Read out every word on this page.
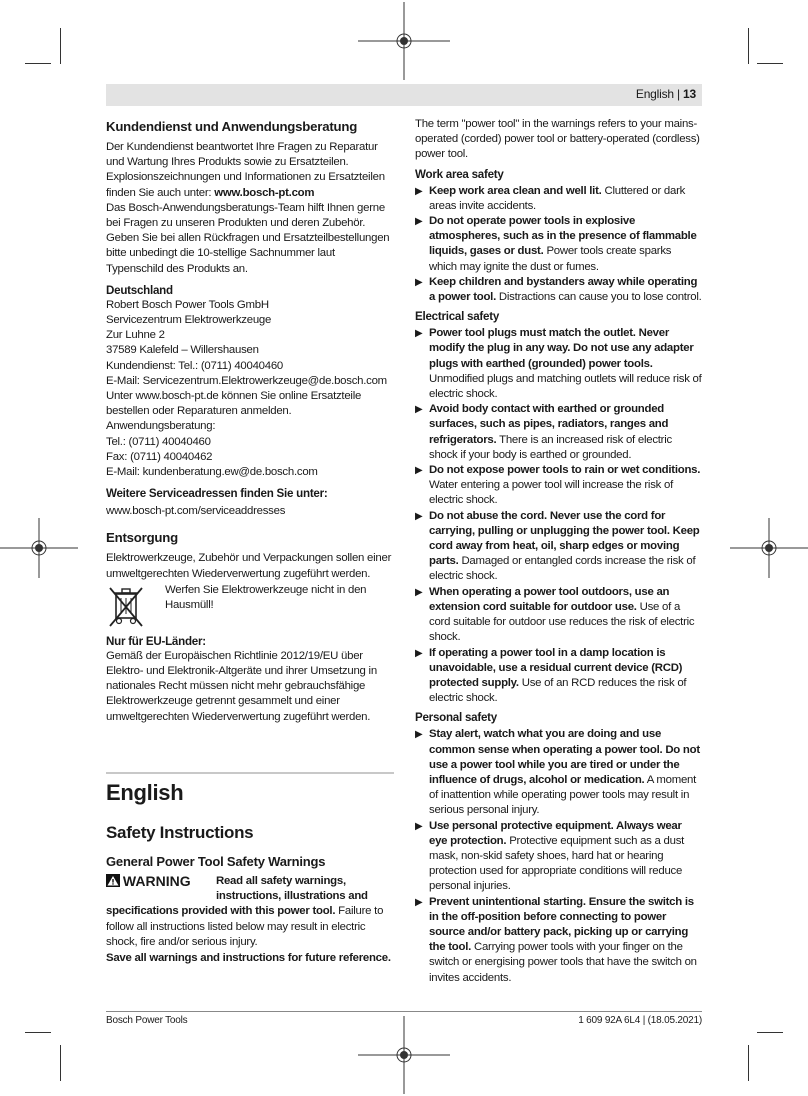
English | 13

Kundendienst und Anwendungsberatung

Der Kundendienst beantwortet Ihre Fragen zu Reparatur und Wartung Ihres Produkts sowie zu Ersatzteilen. Explosionszeichnungen und Informationen zu Ersatzteilen finden Sie auch unter: www.bosch-pt.com

Das Bosch-Anwendungsberatungs-Team hilft Ihnen gerne bei Fragen zu unseren Produkten und deren Zubehör.

Geben Sie bei allen Rückfragen und Ersatzteilbestellungen bitte unbedingt die 10-stellige Sachnummer laut Typenschild des Produkts an.

Deutschland

Robert Bosch Power Tools GmbH

Servicezentrum Elektrowerkzeuge

Zur Luhne 2

37589 Kalefeld – Willershausen

Kundendienst: Tel.: (0711) 40040460

E-Mail: Servicezentrum.Elektrowerkzeuge@de.bosch.com

Unter www.bosch-pt.de können Sie online Ersatzteile bestellen oder Reparaturen anmelden.

Anwendungsberatung:

Tel.: (0711) 40040460

Fax: (0711) 40040462

E-Mail: kundenberatung.ew@de.bosch.com

Weitere Serviceadressen finden Sie unter:

www.bosch-pt.com/serviceaddresses

Entsorgung

Elektrowerkzeuge, Zubehör und Verpackungen sollen einer umweltgerechten Wiederverwertung zugeführt werden.

Werfen Sie Elektrowerkzeuge nicht in den Hausmüll!

Nur für EU-Länder:

Gemäß der Europäischen Richtlinie 2012/19/EU über Elektro- und Elektronik-Altgeräte und ihrer Umsetzung in nationales Recht müssen nicht mehr gebrauchsfähige Elektrowerkzeuge getrennt gesammelt und einer umweltgerechten Wiederverwertung zugeführt werden.

English

Safety Instructions

General Power Tool Safety Warnings

WARNING	Read all safety warnings, instructions, illustrations and specifications provided with this power tool. Failure to follow all instructions listed below may result in electric shock, fire and/or serious injury.

Save all warnings and instructions for future reference.

The term "power tool" in the warnings refers to your mains-operated (corded) power tool or battery-operated (cordless) power tool.

Work area safety

▶ Keep work area clean and well lit. Cluttered or dark areas invite accidents.
▶ Do not operate power tools in explosive atmospheres, such as in the presence of flammable liquids, gases or dust. Power tools create sparks which may ignite the dust or fumes.
▶ Keep children and bystanders away while operating a power tool. Distractions can cause you to lose control.

Electrical safety

▶ Power tool plugs must match the outlet. Never modify the plug in any way. Do not use any adapter plugs with earthed (grounded) power tools. Unmodified plugs and matching outlets will reduce risk of electric shock.
▶ Avoid body contact with earthed or grounded surfaces, such as pipes, radiators, ranges and refrigerators. There is an increased risk of electric shock if your body is earthed or grounded.
▶ Do not expose power tools to rain or wet conditions. Water entering a power tool will increase the risk of electric shock.
▶ Do not abuse the cord. Never use the cord for carrying, pulling or unplugging the power tool. Keep cord away from heat, oil, sharp edges or moving parts. Damaged or entangled cords increase the risk of electric shock.
▶ When operating a power tool outdoors, use an extension cord suitable for outdoor use. Use of a cord suitable for outdoor use reduces the risk of electric shock.
▶ If operating a power tool in a damp location is unavoidable, use a residual current device (RCD) protected supply. Use of an RCD reduces the risk of electric shock.

Personal safety

▶ Stay alert, watch what you are doing and use common sense when operating a power tool. Do not use a power tool while you are tired or under the influence of drugs, alcohol or medication. A moment of inattention while operating power tools may result in serious personal injury.
▶ Use personal protective equipment. Always wear eye protection. Protective equipment such as a dust mask, non-skid safety shoes, hard hat or hearing protection used for appropriate conditions will reduce personal injuries.
▶ Prevent unintentional starting. Ensure the switch is in the off-position before connecting to power source and/or battery pack, picking up or carrying the tool. Carrying power tools with your finger on the switch or energising power tools that have the switch on invites accidents.
Bosch Power Tools	1 609 92A 6L4 | (18.05.2021)
